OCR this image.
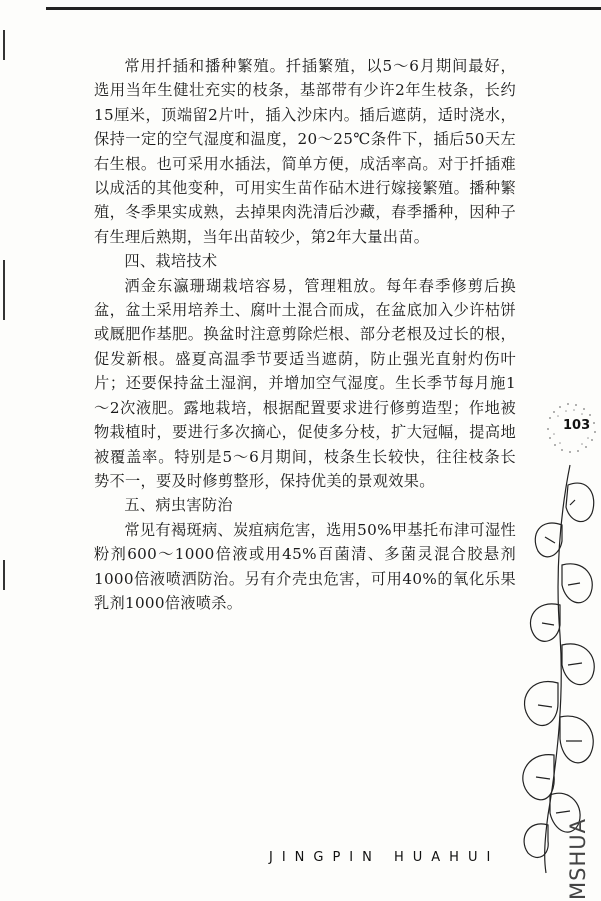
常用扦插和播种繁殖。扦插繁殖，以5～6月期间最好，选用当年生健壮充实的枝条，基部带有少许2年生枝条，长约15厘米，顶端留2片叶，插入沙床内。插后遮荫，适时浇水，保持一定的空气湿度和温度，20～25℃条件下，插后50天左右生根。也可采用水插法，简单方便，成活率高。对于扦插难以成活的其他变种，可用实生苗作砧木进行嫁接繁殖。播种繁殖，冬季果实成熟，去掉果肉洗清后沙藏，春季播种，因种子有生理后熟期，当年出苗较少，第2年大量出苗。

四、栽培技术

洒金东瀛珊瑚栽培容易，管理粗放。每年春季修剪后换盆，盆土采用培养土、腐叶土混合而成，在盆底加入少许枯饼或厩肥作基肥。换盆时注意剪除烂根、部分老根及过长的根，促发新根。盛夏高温季节要适当遮荫，防止强光直射灼伤叶片；还要保持盆土湿润，并增加空气湿度。生长季节每月施1～2次液肥。露地栽培，根据配置要求进行修剪造型；作地被物栽植时，要进行多次摘心，促使多分枝，扩大冠幅，提高地被覆盖率。特别是5～6月期间，枝条生长较快，往往枝条长势不一，要及时修剪整形，保持优美的景观效果。

五、病虫害防治

常见有褐斑病、炭疽病危害，选用50%甲基托布津可湿性粉剂600～1000倍液或用45%百菌清、多菌灵混合胶悬剂1000倍液喷洒防治。另有介壳虫危害，可用40%的氧化乐果乳剂1000倍液喷杀。

103
JINGPIN HUAHUI	MSHUA
